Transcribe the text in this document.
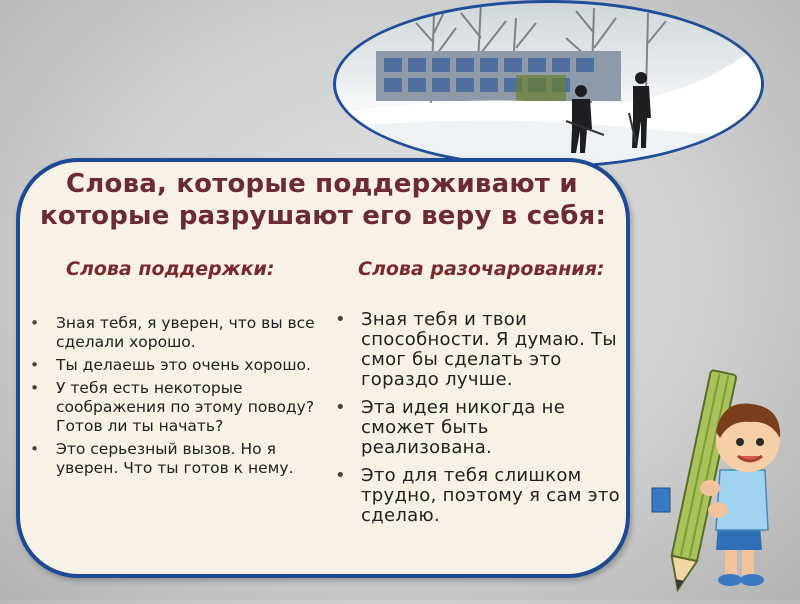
Слова, которые поддерживают и
которые разрушают его веру в себя:
Слова поддержки:	Слова разочарования:
• Зная тебя, я уверен, что вы все сделали хорошо.
• Ты делаешь это очень хорошо.
• У тебя есть некоторые соображения по этому поводу? Готов ли ты начать?
• Это серьезный вызов. Но я уверен. Что ты готов к нему.
• Зная тебя и твои способности. Я думаю. Ты смог бы сделать это гораздо лучше.
• Эта идея никогда не сможет быть реализована.
• Это для тебя слишком трудно, поэтому я сам это сделаю.
